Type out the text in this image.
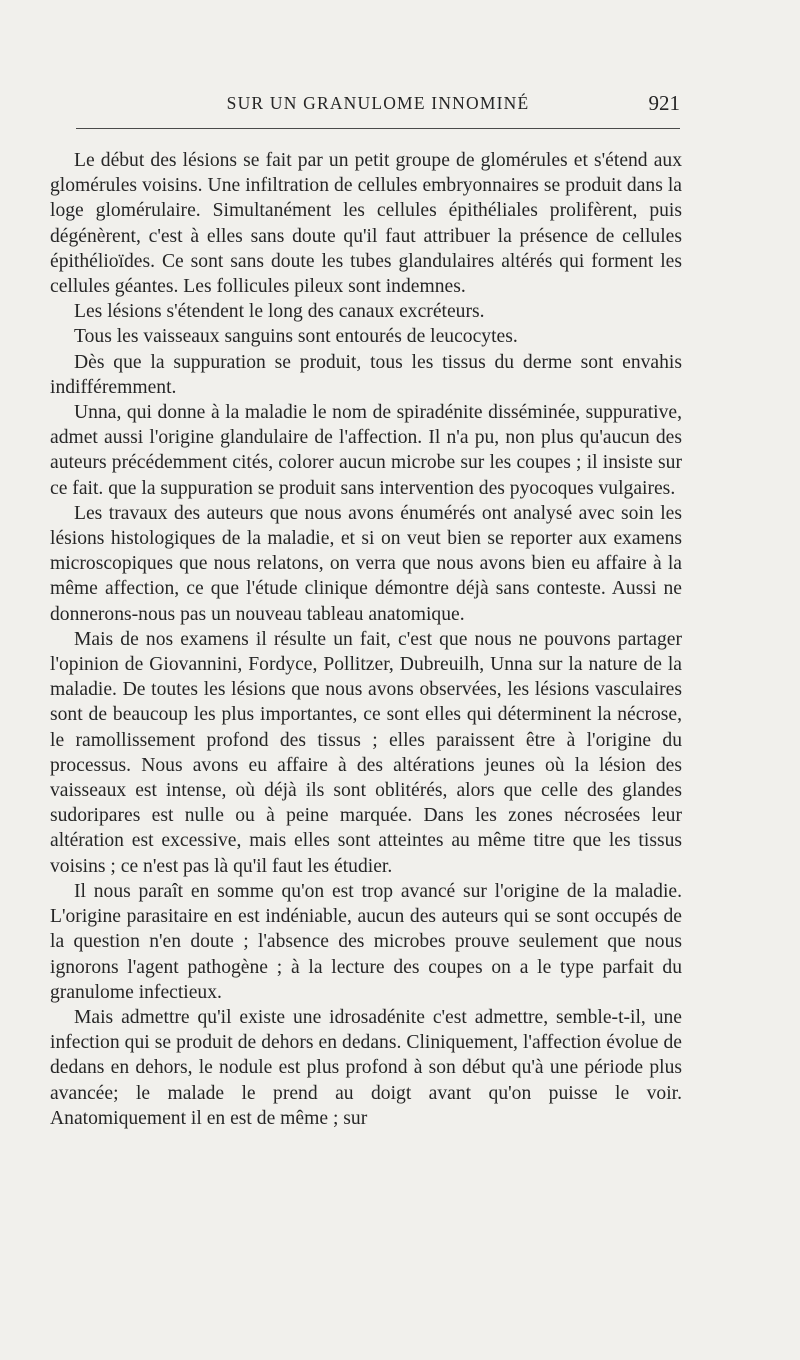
SUR UN GRANULOME INNOMINÉ	921

Le début des lésions se fait par un petit groupe de glomérules et s'étend aux glomérules voisins. Une infiltration de cellules embryonnaires se produit dans la loge glomérulaire. Simultanément les cellules épithéliales prolifèrent, puis dégénèrent, c'est à elles sans doute qu'il faut attribuer la présence de cellules épithélioïdes. Ce sont sans doute les tubes glandulaires altérés qui forment les cellules géantes. Les follicules pileux sont indemnes.

Les lésions s'étendent le long des canaux excréteurs.

Tous les vaisseaux sanguins sont entourés de leucocytes.

Dès que la suppuration se produit, tous les tissus du derme sont envahis indifféremment.

Unna, qui donne à la maladie le nom de spiradénite disséminée, suppurative, admet aussi l'origine glandulaire de l'affection. Il n'a pu, non plus qu'aucun des auteurs précédemment cités, colorer aucun microbe sur les coupes ; il insiste sur ce fait. que la suppuration se produit sans intervention des pyocoques vulgaires.

Les travaux des auteurs que nous avons énumérés ont analysé avec soin les lésions histologiques de la maladie, et si on veut bien se reporter aux examens microscopiques que nous relatons, on verra que nous avons bien eu affaire à la même affection, ce que l'étude clinique démontre déjà sans conteste. Aussi ne donnerons-nous pas un nouveau tableau anatomique.

Mais de nos examens il résulte un fait, c'est que nous ne pouvons partager l'opinion de Giovannini, Fordyce, Pollitzer, Dubreuilh, Unna sur la nature de la maladie. De toutes les lésions que nous avons observées, les lésions vasculaires sont de beaucoup les plus importantes, ce sont elles qui déterminent la nécrose, le ramollissement profond des tissus ; elles paraissent être à l'origine du processus. Nous avons eu affaire à des altérations jeunes où la lésion des vaisseaux est intense, où déjà ils sont oblitérés, alors que celle des glandes sudoripares est nulle ou à peine marquée. Dans les zones nécrosées leur altération est excessive, mais elles sont atteintes au même titre que les tissus voisins ; ce n'est pas là qu'il faut les étudier.

Il nous paraît en somme qu'on est trop avancé sur l'origine de la maladie. L'origine parasitaire en est indéniable, aucun des auteurs qui se sont occupés de la question n'en doute ; l'absence des microbes prouve seulement que nous ignorons l'agent pathogène ; à la lecture des coupes on a le type parfait du granulome infectieux.

Mais admettre qu'il existe une idrosadénite c'est admettre, semble-t-il, une infection qui se produit de dehors en dedans. Cliniquement, l'affection évolue de dedans en dehors, le nodule est plus profond à son début qu'à une période plus avancée; le malade le prend au doigt avant qu'on puisse le voir. Anatomiquement il en est de même ; sur
